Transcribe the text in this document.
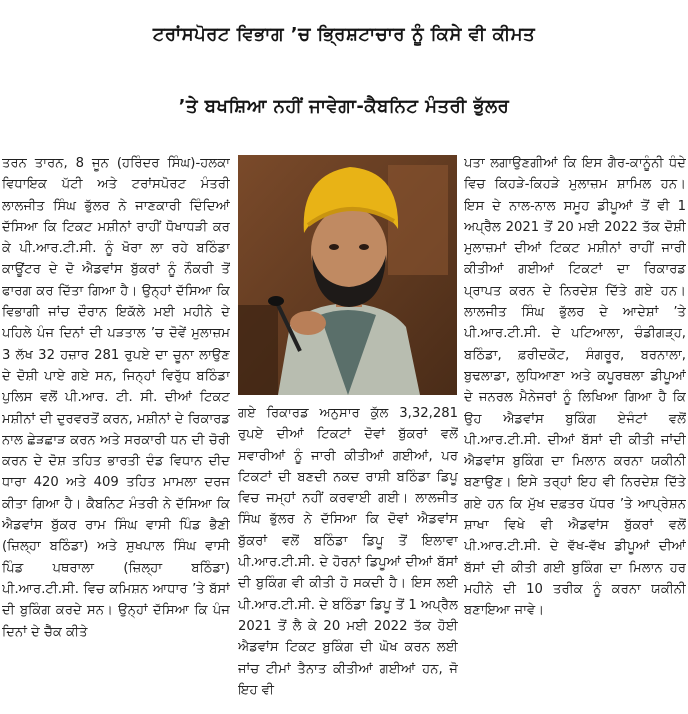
ਟਰਾਂਸਪੋਰਟ ਵਿਭਾਗ ’ਚ ਭ੍ਰਿਸ਼ਟਾਚਾਰ ਨੂੰ ਕਿਸੇ ਵੀ ਕੀਮਤ
’ਤੇ ਬਖਸ਼ਿਆ ਨਹੀਂ ਜਾਵੇਗਾ-ਕੈਬਨਿਟ ਮੰਤਰੀ ਭੁੱਲਰ

ਤਰਨ ਤਾਰਨ, 8 ਜੂਨ (ਹਰਿੰਦਰ ਸਿੰਘ)-ਹਲਕਾ ਵਿਧਾਇਕ ਪੱਟੀ ਅਤੇ ਟਰਾਂਸਪੋਰਟ ਮੰਤਰੀ ਲਾਲਜੀਤ ਸਿੰਘ ਭੁੱਲਰ ਨੇ ਜਾਣਕਾਰੀ ਦਿੰਦਿਆਂ ਦੱਸਿਆ ਕਿ ਟਿਕਟ ਮਸ਼ੀਨਾਂ ਰਾਹੀਂ ਧੋਖਾਧੜੀ ਕਰ ਕੇ ਪੀ.ਆਰ.ਟੀ.ਸੀ. ਨੂੰ ਖੋਰਾ ਲਾ ਰਹੇ ਬਠਿੰਡਾ ਕਾਊਂਟਰ ਦੇ ਦੋ ਐਡਵਾਂਸ ਬੁੱਕਰਾਂ ਨੂੰ ਨੌਕਰੀ ਤੋਂ ਫਾਰਗ ਕਰ ਦਿੱਤਾ ਗਿਆ ਹੈ। ਉਨ੍ਹਾਂ ਦੱਸਿਆ ਕਿ ਵਿਭਾਗੀ ਜਾਂਚ ਦੌਰਾਨ ਇਕੱਲੇ ਮਈ ਮਹੀਨੇ ਦੇ ਪਹਿਲੇ ਪੰਜ ਦਿਨਾਂ ਦੀ ਪੜਤਾਲ ’ਚ ਦੋਵੇਂ ਮੁਲਾਜ਼ਮ 3 ਲੱਖ 32 ਹਜ਼ਾਰ 281 ਰੁਪਏ ਦਾ ਚੂਨਾ ਲਾਉਣ ਦੇ ਦੋਸ਼ੀ ਪਾਏ ਗਏ ਸਨ, ਜਿਨ੍ਹਾਂ ਵਿਰੁੱਧ ਬਠਿੰਡਾ ਪੁਲਿਸ ਵਲੋਂ ਪੀ.ਆਰ. ਟੀ. ਸੀ. ਦੀਆਂ ਟਿਕਟ ਮਸ਼ੀਨਾਂ ਦੀ ਦੁਰਵਰਤੋਂ ਕਰਨ, ਮਸ਼ੀਨਾਂ ਦੇ ਰਿਕਾਰਡ ਨਾਲ ਛੇੜਛਾੜ ਕਰਨ ਅਤੇ ਸਰਕਾਰੀ ਧਨ ਦੀ ਚੋਰੀ ਕਰਨ ਦੇ ਦੋਸ਼ ਤਹਿਤ ਭਾਰਤੀ ਦੰਡ ਵਿਧਾਨ ਦੀਦ ਧਾਰਾ 420 ਅਤੇ 409 ਤਹਿਤ ਮਾਮਲਾ ਦਰਜ ਕੀਤਾ ਗਿਆ ਹੈ। ਕੈਬਨਿਟ ਮੰਤਰੀ ਨੇ ਦੱਸਿਆ ਕਿ ਐਡਵਾਂਸ ਬੁੱਕਰ ਰਾਮ ਸਿੰਘ ਵਾਸੀ ਪਿੰਡ ਭੈਣੀ (ਜ਼ਿਲ੍ਹਾ ਬਠਿੰਡਾ) ਅਤੇ ਸੁਖਪਾਲ ਸਿੰਘ ਵਾਸੀ ਪਿੰਡ ਪਥਰਾਲਾ (ਜ਼ਿਲ੍ਹਾ ਬਠਿੰਡਾ) ਪੀ.ਆਰ.ਟੀ.ਸੀ. ਵਿਚ ਕਮਿਸ਼ਨ ਆਧਾਰ ’ਤੇ ਬੱਸਾਂ ਦੀ ਬੁਕਿੰਗ ਕਰਦੇ ਸਨ। ਉਨ੍ਹਾਂ ਦੱਸਿਆ ਕਿ ਪੰਜ ਦਿਨਾਂ ਦੇ ਚੈੱਕ ਕੀਤੇ

ਗਏ ਰਿਕਾਰਡ ਅਨੁਸਾਰ ਕੁੱਲ 3,32,281 ਰੁਪਏ ਦੀਆਂ ਟਿਕਟਾਂ ਦੋਵਾਂ ਬੁੱਕਰਾਂ ਵਲੋਂ ਸਵਾਰੀਆਂ ਨੂੰ ਜਾਰੀ ਕੀਤੀਆਂ ਗਈਆਂ, ਪਰ ਟਿਕਟਾਂ ਦੀ ਬਣਦੀ ਨਕਦ ਰਾਸ਼ੀ ਬਠਿੰਡਾ ਡਿਪੂ ਵਿਚ ਜਮ੍ਹਾਂ ਨਹੀਂ ਕਰਵਾਈ ਗਈ। ਲਾਲਜੀਤ ਸਿੰਘ ਭੁੱਲਰ ਨੇ ਦੱਸਿਆ ਕਿ ਦੋਵਾਂ ਐਡਵਾਂਸ ਬੁੱਕਰਾਂ ਵਲੋਂ ਬਠਿੰਡਾ ਡਿਪੂ ਤੋਂ ਇਲਾਵਾ ਪੀ.ਆਰ.ਟੀ.ਸੀ. ਦੇ ਹੋਰਨਾਂ ਡਿਪੂਆਂ ਦੀਆਂ ਬੱਸਾਂ ਦੀ ਬੁਕਿੰਗ ਵੀ ਕੀਤੀ ਹੋ ਸਕਦੀ ਹੈ। ਇਸ ਲਈ ਪੀ.ਆਰ.ਟੀ.ਸੀ. ਦੇ ਬਠਿੰਡਾ ਡਿਪੂ ਤੋਂ 1 ਅਪ੍ਰੈਲ 2021 ਤੋਂ ਲੈ ਕੇ 20 ਮਈ 2022 ਤੱਕ ਹੋਈ ਐਡਵਾਂਸ ਟਿਕਟ ਬੁਕਿੰਗ ਦੀ ਘੋਖ ਕਰਨ ਲਈ ਜਾਂਚ ਟੀਮਾਂ ਤੈਨਾਤ ਕੀਤੀਆਂ ਗਈਆਂ ਹਨ, ਜੋ ਇਹ ਵੀ

ਪਤਾ ਲਗਾਉਣਗੀਆਂ ਕਿ ਇਸ ਗੈਰ-ਕਾਨੂੰਨੀ ਧੰਦੇ ਵਿਚ ਕਿਹੜੇ-ਕਿਹੜੇ ਮੁਲਾਜ਼ਮ ਸ਼ਾਮਿਲ ਹਨ। ਇਸ ਦੇ ਨਾਲ-ਨਾਲ ਸਮੂਹ ਡੀਪੂਆਂ ਤੋਂ ਵੀ 1 ਅਪ੍ਰੈਲ 2021 ਤੋਂ 20 ਮਈ 2022 ਤੱਕ ਦੋਸ਼ੀ ਮੁਲਾਜ਼ਮਾਂ ਦੀਆਂ ਟਿਕਟ ਮਸ਼ੀਨਾਂ ਰਾਹੀਂ ਜਾਰੀ ਕੀਤੀਆਂ ਗਈਆਂ ਟਿਕਟਾਂ ਦਾ ਰਿਕਾਰਡ ਪ੍ਰਾਪਤ ਕਰਨ ਦੇ ਨਿਰਦੇਸ਼ ਦਿੱਤੇ ਗਏ ਹਨ। ਲਾਲਜੀਤ ਸਿੰਘ ਭੁੱਲਰ ਦੇ ਆਦੇਸ਼ਾਂ ’ਤੇ ਪੀ.ਆਰ.ਟੀ.ਸੀ. ਦੇ ਪਟਿਆਲਾ, ਚੰਡੀਗੜ੍ਹ, ਬਠਿੰਡਾ, ਫ਼ਰੀਦਕੋਟ, ਸੰਗਰੂਰ, ਬਰਨਾਲਾ, ਬੁਢਲਾਡਾ, ਲੁਧਿਆਣਾ ਅਤੇ ਕਪੂਰਥਲਾ ਡੀਪੂਆਂ ਦੇ ਜਨਰਲ ਮੈਨੇਜਰਾਂ ਨੂੰ ਲਿਖਿਆ ਗਿਆ ਹੈ ਕਿ ਉਹ ਐਡਵਾਂਸ ਬੁਕਿੰਗ ਏਜੰਟਾਂ ਵਲੋਂ ਪੀ.ਆਰ.ਟੀ.ਸੀ. ਦੀਆਂ ਬੱਸਾਂ ਦੀ ਕੀਤੀ ਜਾਂਦੀ ਐਡਵਾਂਸ ਬੁਕਿੰਗ ਦਾ ਮਿਲਾਨ ਕਰਨਾ ਯਕੀਨੀ ਬਣਾਉਣ। ਇਸੇ ਤਰ੍ਹਾਂ ਇਹ ਵੀ ਨਿਰਦੇਸ਼ ਦਿੱਤੇ ਗਏ ਹਨ ਕਿ ਮੁੱਖ ਦਫ਼ਤਰ ਪੱਧਰ ’ਤੇ ਆਪ੍ਰੇਸ਼ਨ ਸ਼ਾਖਾ ਵਿਖੇ ਵੀ ਐਡਵਾਂਸ ਬੁੱਕਰਾਂ ਵਲੋਂ ਪੀ.ਆਰ.ਟੀ.ਸੀ. ਦੇ ਵੱਖ-ਵੱਖ ਡੀਪੂਆਂ ਦੀਆਂ ਬੱਸਾਂ ਦੀ ਕੀਤੀ ਗਈ ਬੁਕਿੰਗ ਦਾ ਮਿਲਾਨ ਹਰ ਮਹੀਨੇ ਦੀ 10 ਤਰੀਕ ਨੂੰ ਕਰਨਾ ਯਕੀਨੀ ਬਣਾਇਆ ਜਾਵੇ।
